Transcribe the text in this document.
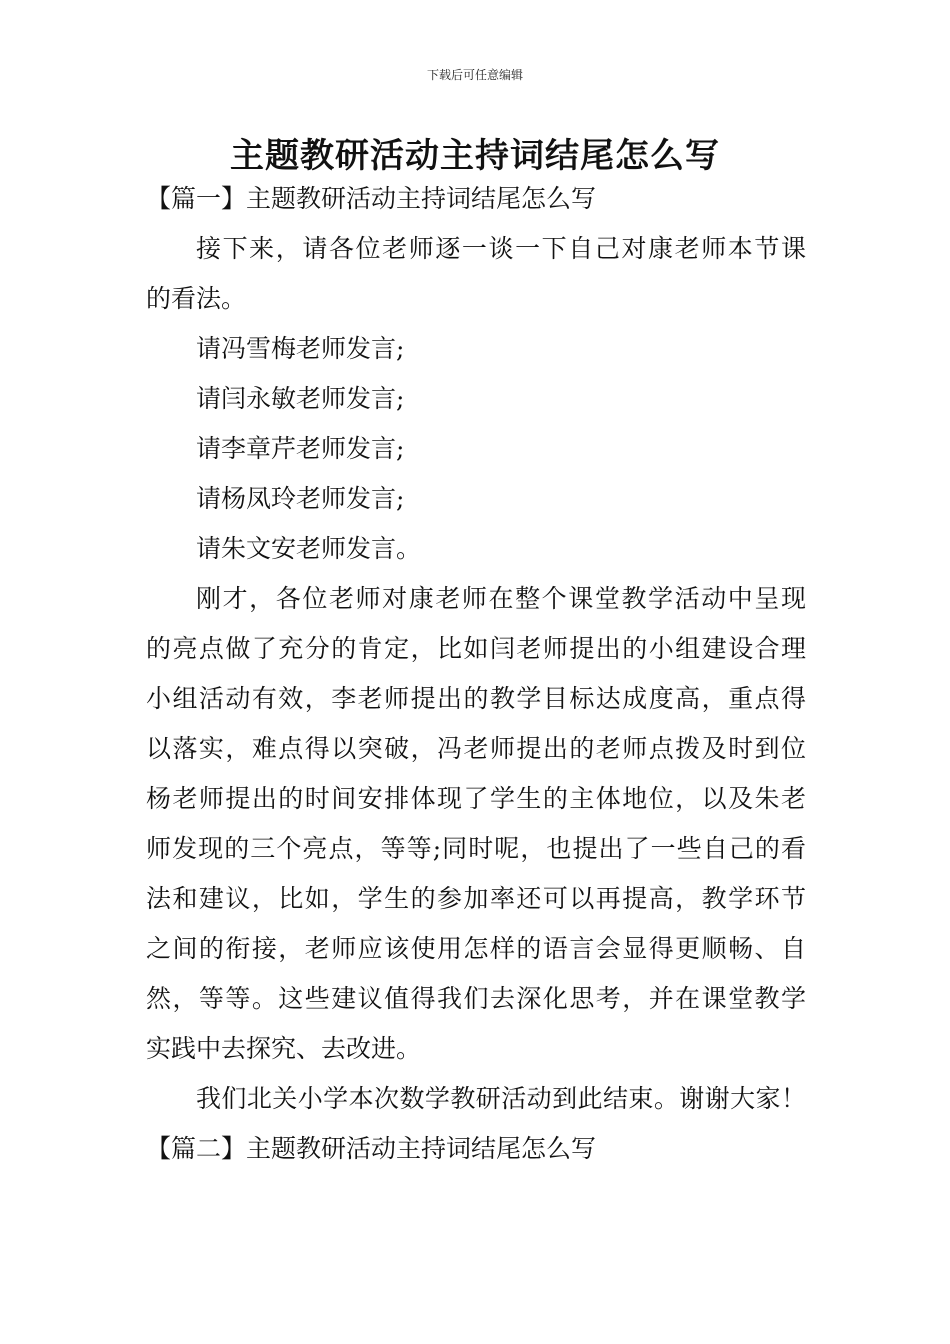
下载后可任意编辑
主题教研活动主持词结尾怎么写
【篇一】主题教研活动主持词结尾怎么写
接下来，请各位老师逐一谈一下自己对康老师本节课
的看法。
请冯雪梅老师发言;
请闫永敏老师发言;
请李章芹老师发言;
请杨凤玲老师发言;
请朱文安老师发言。
刚才，各位老师对康老师在整个课堂教学活动中呈现
的亮点做了充分的肯定，比如闫老师提出的小组建设合理
小组活动有效，李老师提出的教学目标达成度高，重点得
以落实，难点得以突破，冯老师提出的老师点拨及时到位
杨老师提出的时间安排体现了学生的主体地位，以及朱老
师发现的三个亮点，等等;同时呢，也提出了一些自己的看
法和建议，比如，学生的参加率还可以再提高，教学环节
之间的衔接，老师应该使用怎样的语言会显得更顺畅、自
然，等等。这些建议值得我们去深化思考，并在课堂教学
实践中去探究、去改进。
我们北关小学本次数学教研活动到此结束。谢谢大家！
【篇二】主题教研活动主持词结尾怎么写
